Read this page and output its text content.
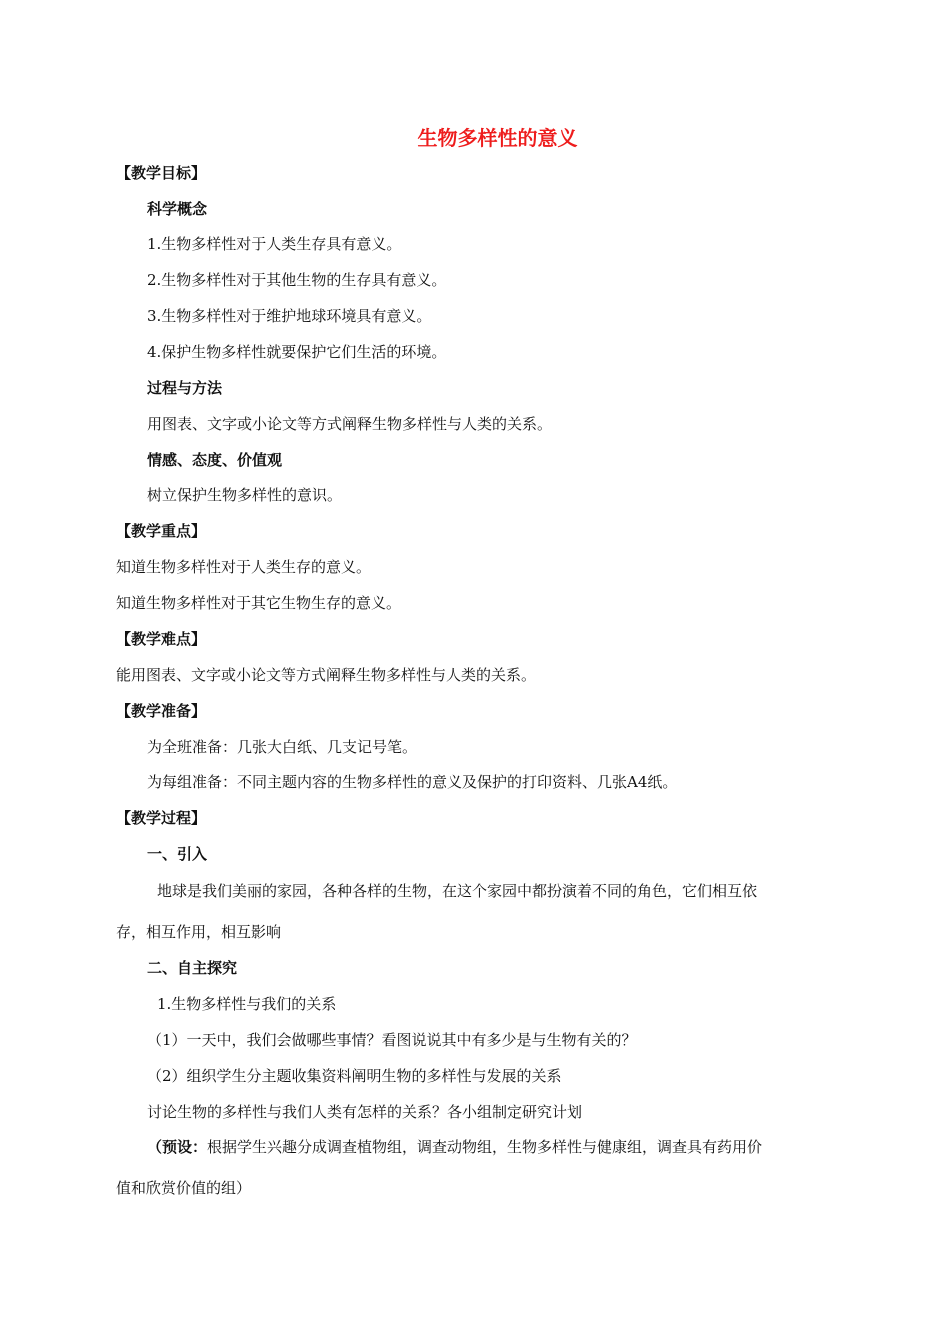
生物多样性的意义
【教学目标】
科学概念
1.生物多样性对于人类生存具有意义。
2.生物多样性对于其他生物的生存具有意义。
3.生物多样性对于维护地球环境具有意义。
4.保护生物多样性就要保护它们生活的环境。
过程与方法
用图表、文字或小论文等方式阐释生物多样性与人类的关系。
情感、态度、价值观
树立保护生物多样性的意识。
【教学重点】
知道生物多样性对于人类生存的意义。
知道生物多样性对于其它生物生存的意义。
【教学难点】
能用图表、文字或小论文等方式阐释生物多样性与人类的关系。
【教学准备】
为全班准备：几张大白纸、几支记号笔。
为每组准备：不同主题内容的生物多样性的意义及保护的打印资料、几张A4纸。
【教学过程】
一、引入
地球是我们美丽的家园，各种各样的生物，在这个家园中都扮演着不同的角色，它们相互依
存，相互作用，相互影响
二、自主探究
1.生物多样性与我们的关系
（1）一天中，我们会做哪些事情？看图说说其中有多少是与生物有关的？
（2）组织学生分主题收集资料阐明生物的多样性与发展的关系
讨论生物的多样性与我们人类有怎样的关系？各小组制定研究计划
（预设：根据学生兴趣分成调查植物组，调查动物组，生物多样性与健康组，调查具有药用价
值和欣赏价值的组）
